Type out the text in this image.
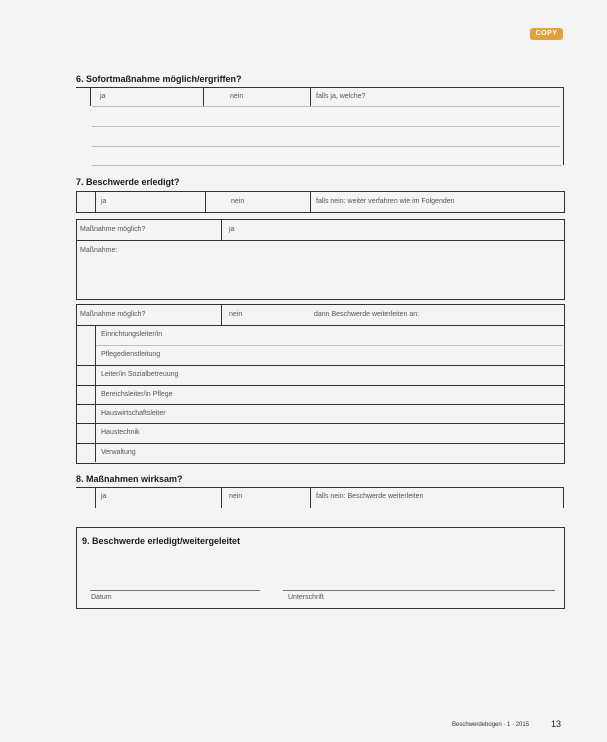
COPY
6. Sofortmaßnahme möglich/ergriffen?
ja	nein	falls ja, welche?
7. Beschwerde erledigt?
ja	nein	falls nein: weiter verfahren wie im Folgenden
Maßnahme möglich?	ja
Maßnahme:
Maßnahme möglich?	nein	dann Beschwerde weiterleiten an:
Einrichtungsleiter/in
Pflegedienstleitung
Leiter/in Sozialbetreuung
Bereichsleiter/in Pflege
Hauswirtschaftsleiter
Haustechnik
Verwaltung
8. Maßnahmen wirksam?
ja	nein	falls nein: Beschwerde weiterleiten
9. Beschwerde erledigt/weitergeleitet
Datum	Unterschrift
Beschwerdebogen · 1 · 2015 13
